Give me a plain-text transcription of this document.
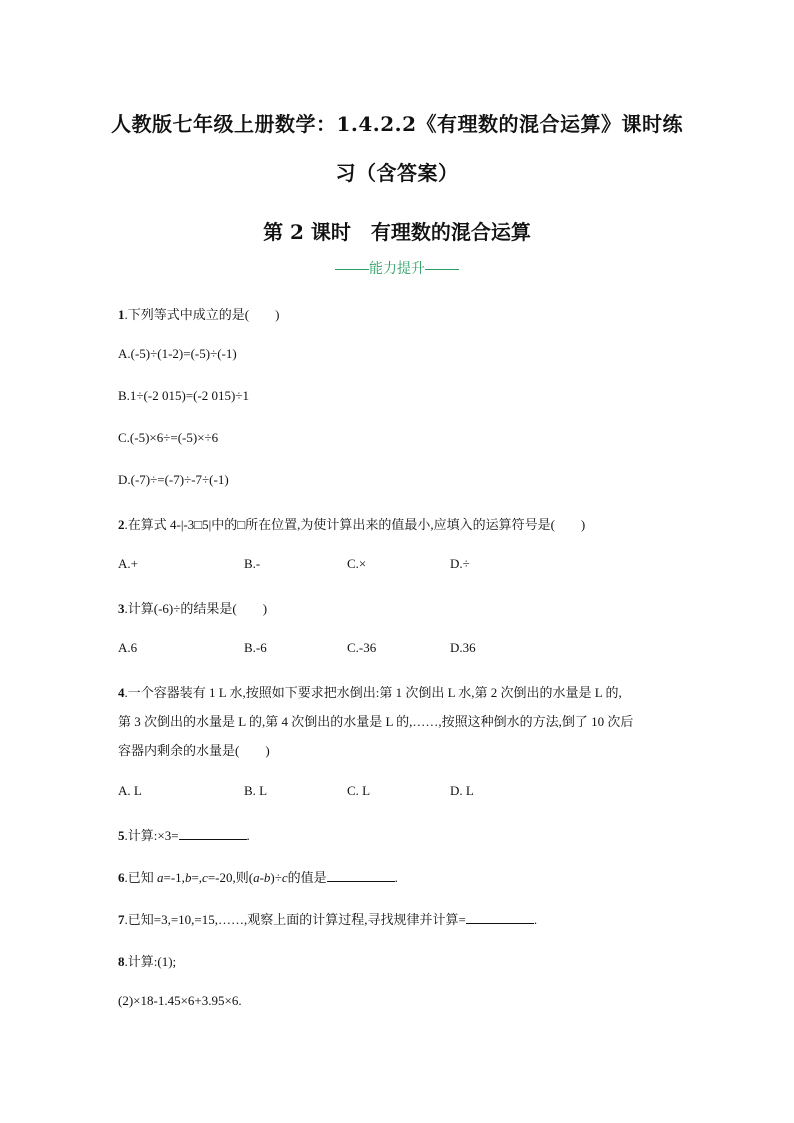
人教版七年级上册数学：1.4.2.2《有理数的混合运算》课时练
习（含答案）
第 2 课时　有理数的混合运算
能力提升
1.下列等式中成立的是(　　)
A.(-5)÷(1-2)=(-5)÷(-1)
B.1÷(-2 015)=(-2 015)÷1
C.(-5)×6÷=(-5)×÷6
D.(-7)÷=(-7)÷-7÷(-1)
2.在算式 4-|-3□5|中的□所在位置,为使计算出来的值最小,应填入的运算符号是(　　)
A.+	B.-	C.×	D.÷
3.计算(-6)÷的结果是(　　)
A.6	B.-6	C.-36	D.36
4.一个容器装有 1 L 水,按照如下要求把水倒出:第 1 次倒出 L 水,第 2 次倒出的水量是 L 的,
第 3 次倒出的水量是 L 的,第 4 次倒出的水量是 L 的,……,按照这种倒水的方法,倒了 10 次后
容器内剩余的水量是(　　)
A. L	B. L	C. L	D. L
5.计算:×3=	.
6.已知 a=-1,b=,c=-20,则(a-b)÷c的值是	.
7.已知=3,=10,=15,……,观察上面的计算过程,寻找规律并计算=	.
8.计算:(1);
(2)×18-1.45×6+3.95×6.
